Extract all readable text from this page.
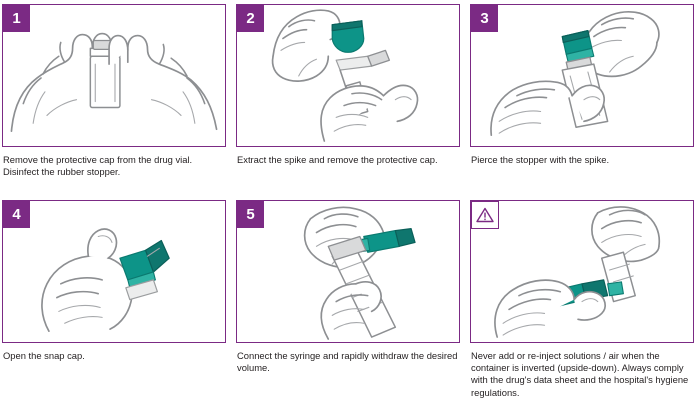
1
Remove the protective cap from the drug vial. Disinfect the rubber stopper.
2
Extract the spike and remove the protective cap.
3
Pierce the stopper with the spike.
4
Open the snap cap.
5
Connect the syringe and rapidly withdraw the desired volume.
Never add or re-inject solutions / air when the container is inverted (upside-down). Always comply with the drug's data sheet and the hospital's hygiene regulations.
